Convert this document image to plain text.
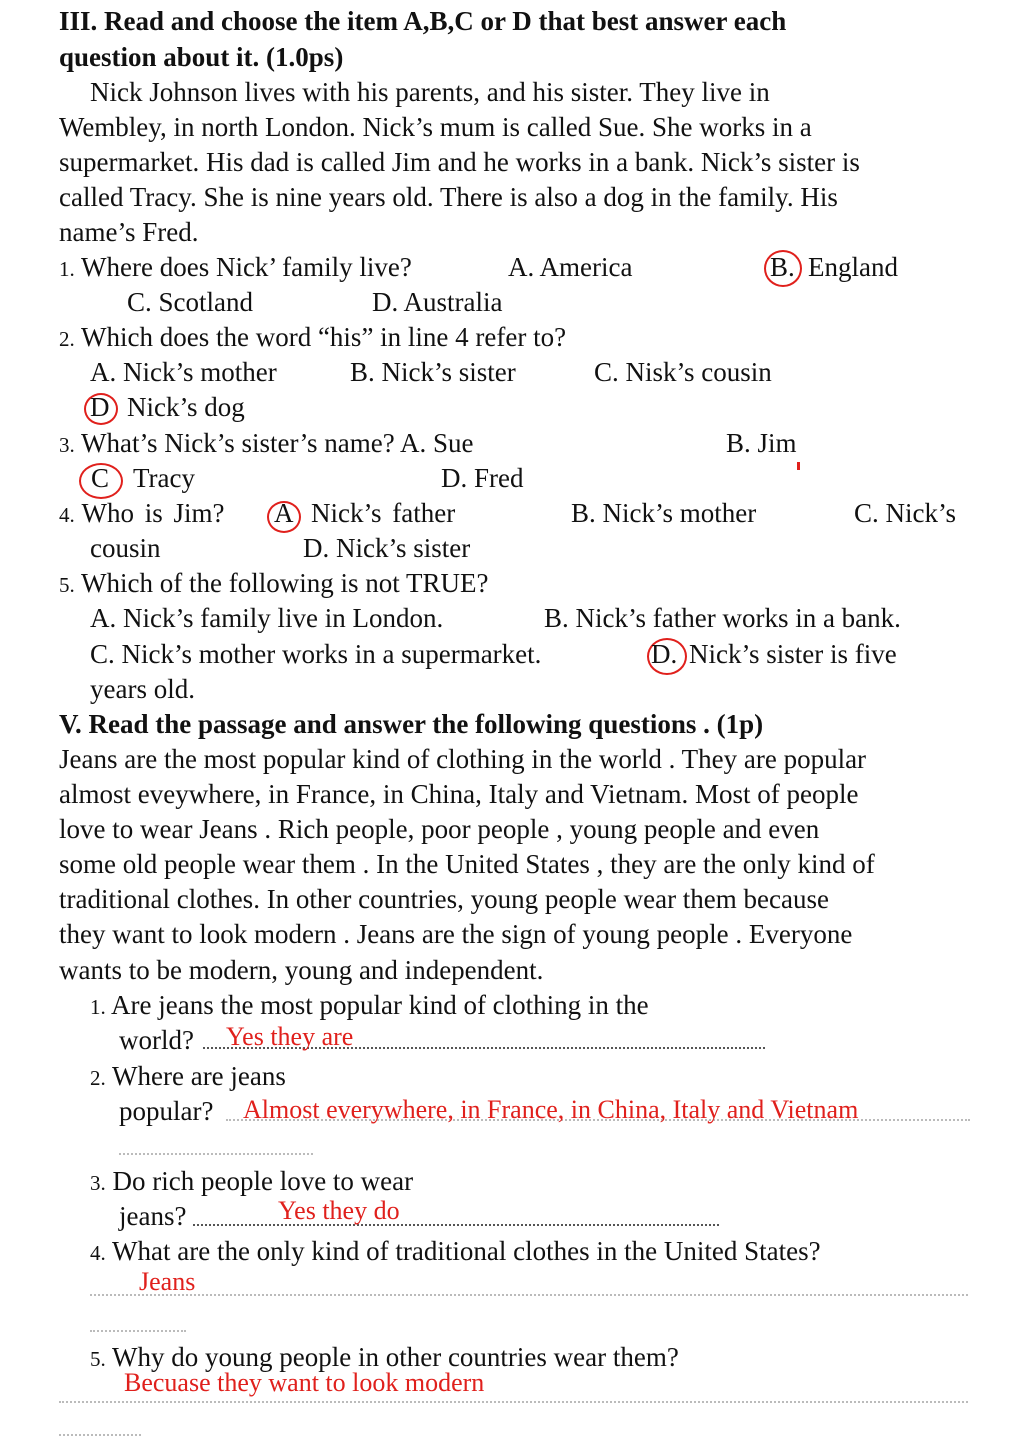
III. Read and choose the item A,B,C or D that best answer each
question about it. (1.0ps)
Nick Johnson lives with his parents, and his sister. They live in
Wembley, in north London. Nick’s mum is called Sue. She works in a
supermarket. His dad is called Jim and he works in a bank. Nick’s sister is
called Tracy. She is nine years old. There is also a dog in the family. His
name’s Fred.
1. Where does Nick’ family live?	A. America	B. England
C. Scotland	D. Australia
2. Which does the word “his” in line 4 refer to?
A. Nick’s mother	B. Nick’s sister	C. Nisk’s cousin
D Nick’s dog
3. What’s Nick’s sister’s name? A. Sue	B. Jim
C Tracy	D. Fred
4. Who is Jim? A Nick’s father	B. Nick’s mother	C. Nick’s
cousin	D. Nick’s sister
5. Which of the following is not TRUE?
A. Nick’s family live in London.	B. Nick’s father works in a bank.
C. Nick’s mother works in a supermarket.	D. Nick’s sister is five
years old.
V. Read the passage and answer the following questions . (1p)
Jeans are the most popular kind of clothing in the world . They are popular
almost eveywhere, in France, in China, Italy and Vietnam. Most of people
love to wear Jeans . Rich people, poor people , young people and even
some old people wear them . In the United States , they are the only kind of
traditional clothes. In other countries, young people wear them because
they want to look modern . Jeans are the sign of young people . Everyone
wants to be modern, young and independent.
1. Are jeans the most popular kind of clothing in the
world? Yes they are
2. Where are jeans
popular? Almost everywhere, in France, in China, Italy and Vietnam
3. Do rich people love to wear
jeans?	Yes they do
4. What are the only kind of traditional clothes in the United States?
Jeans
5. Why do young people in other countries wear them?
Becuase they want to look modern
